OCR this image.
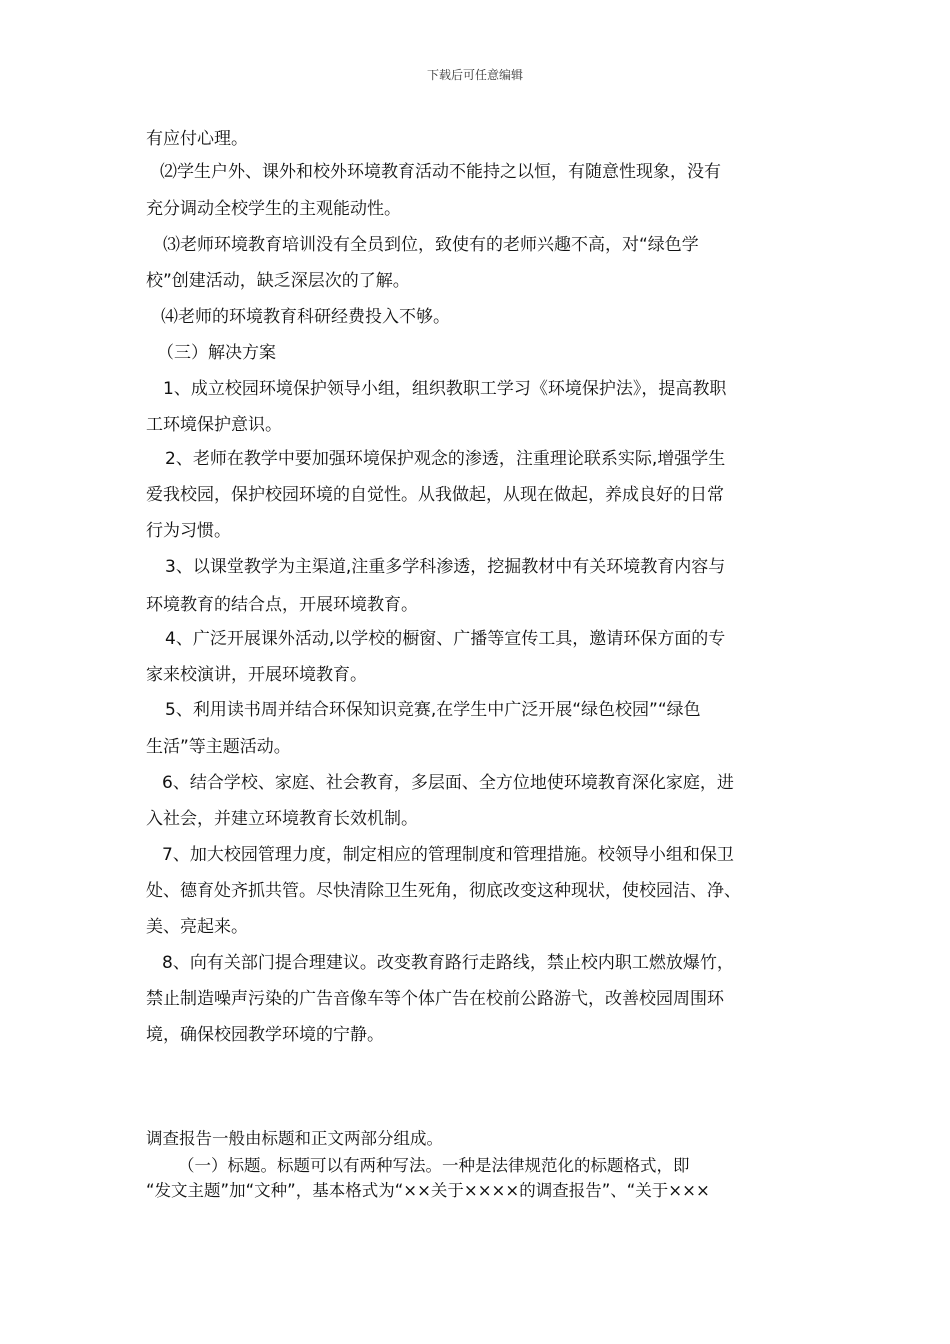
下载后可任意编辑
有应付心理。
⑵学生户外、课外和校外环境教育活动不能持之以恒，有随意性现象，没有
充分调动全校学生的主观能动性。
⑶老师环境教育培训没有全员到位，致使有的老师兴趣不高，对“绿色学
校”创建活动，缺乏深层次的了解。
⑷老师的环境教育科研经费投入不够。
（三）解决方案
1、成立校园环境保护领导小组，组织教职工学习《环境保护法》，提高教职
工环境保护意识。
2、老师在教学中要加强环境保护观念的渗透，注重理论联系实际,增强学生
爱我校园，保护校园环境的自觉性。从我做起，从现在做起，养成良好的日常
行为习惯。
3、以课堂教学为主渠道,注重多学科渗透，挖掘教材中有关环境教育内容与
环境教育的结合点，开展环境教育。
4、广泛开展课外活动,以学校的橱窗、广播等宣传工具，邀请环保方面的专
家来校演讲，开展环境教育。
5、利用读书周并结合环保知识竞赛,在学生中广泛开展“绿色校园”“绿色
生活”等主题活动。
6、结合学校、家庭、社会教育，多层面、全方位地使环境教育深化家庭，进
入社会，并建立环境教育长效机制。
7、加大校园管理力度，制定相应的管理制度和管理措施。校领导小组和保卫
处、德育处齐抓共管。尽快清除卫生死角，彻底改变这种现状，使校园洁、净、
美、亮起来。
8、向有关部门提合理建议。改变教育路行走路线，禁止校内职工燃放爆竹，
禁止制造噪声污染的广告音像车等个体广告在校前公路游弋，改善校园周围环
境，确保校园教学环境的宁静。
调查报告一般由标题和正文两部分组成。
（一）标题。标题可以有两种写法。一种是法律规范化的标题格式，即
“发文主题”加“文种”，基本格式为“××关于××××的调查报告”、“关于×××
